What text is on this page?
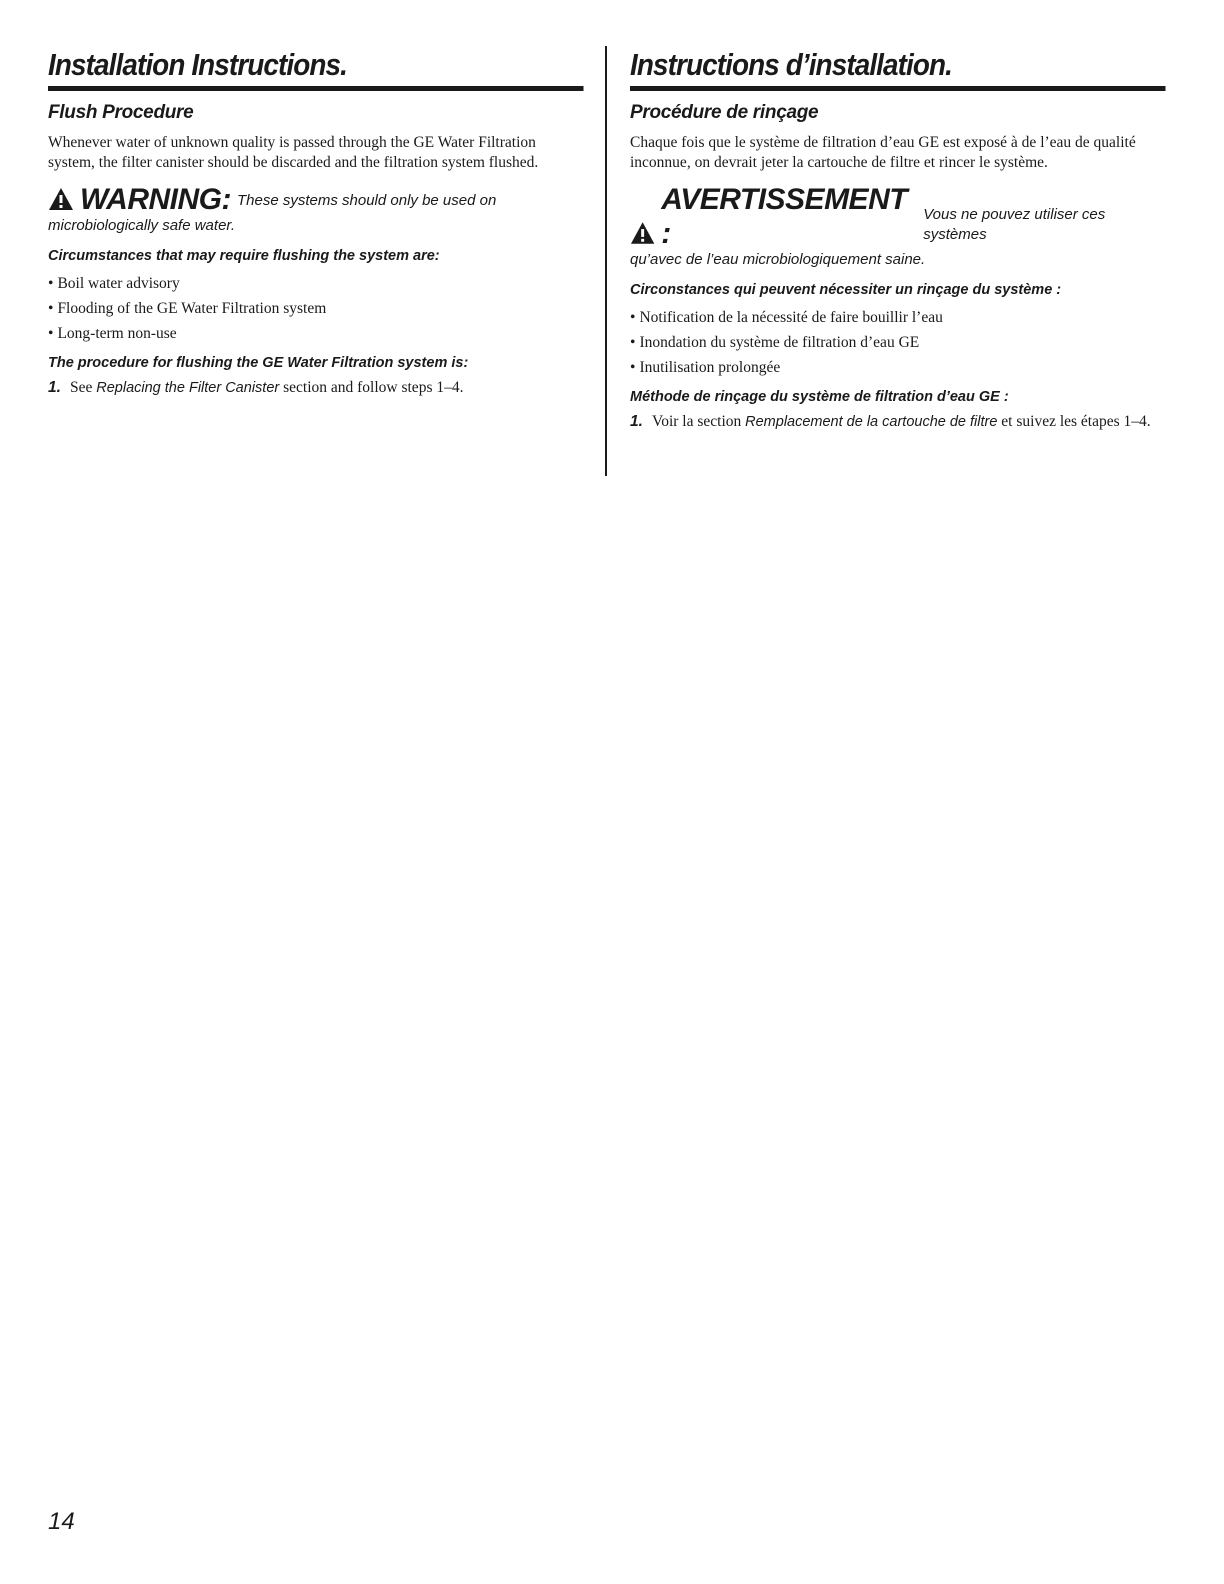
Installation Instructions.
Flush Procedure

Whenever water of unknown quality is passed through the GE Water Filtration system, the filter canister should be discarded and the filtration system flushed.

WARNING: These systems should only be used on
microbiologically safe water.
Circumstances that may require flushing the system are:
• Boil water advisory
• Flooding of the GE Water Filtration system
• Long-term non-use
The procedure for flushing the GE Water Filtration system is:
1. See Replacing the Filter Canister section and follow steps 1–4.
Instructions d’installation.
Procédure de rinçage

Chaque fois que le système de filtration d’eau GE est exposé à de l’eau de qualité inconnue, on devrait jeter la cartouche de filtre et rincer le système.

AVERTISSEMENT :
Vous ne pouvez utiliser ces systèmes
qu’avec de l’eau microbiologiquement saine.
Circonstances qui peuvent nécessiter un rinçage du système :
• Notification de la nécessité de faire bouillir l’eau
• Inondation du système de filtration d’eau GE
• Inutilisation prolongée
Méthode de rinçage du système de filtration d’eau GE :
1. Voir la section Remplacement de la cartouche de filtre et suivez les étapes 1–4.
14
